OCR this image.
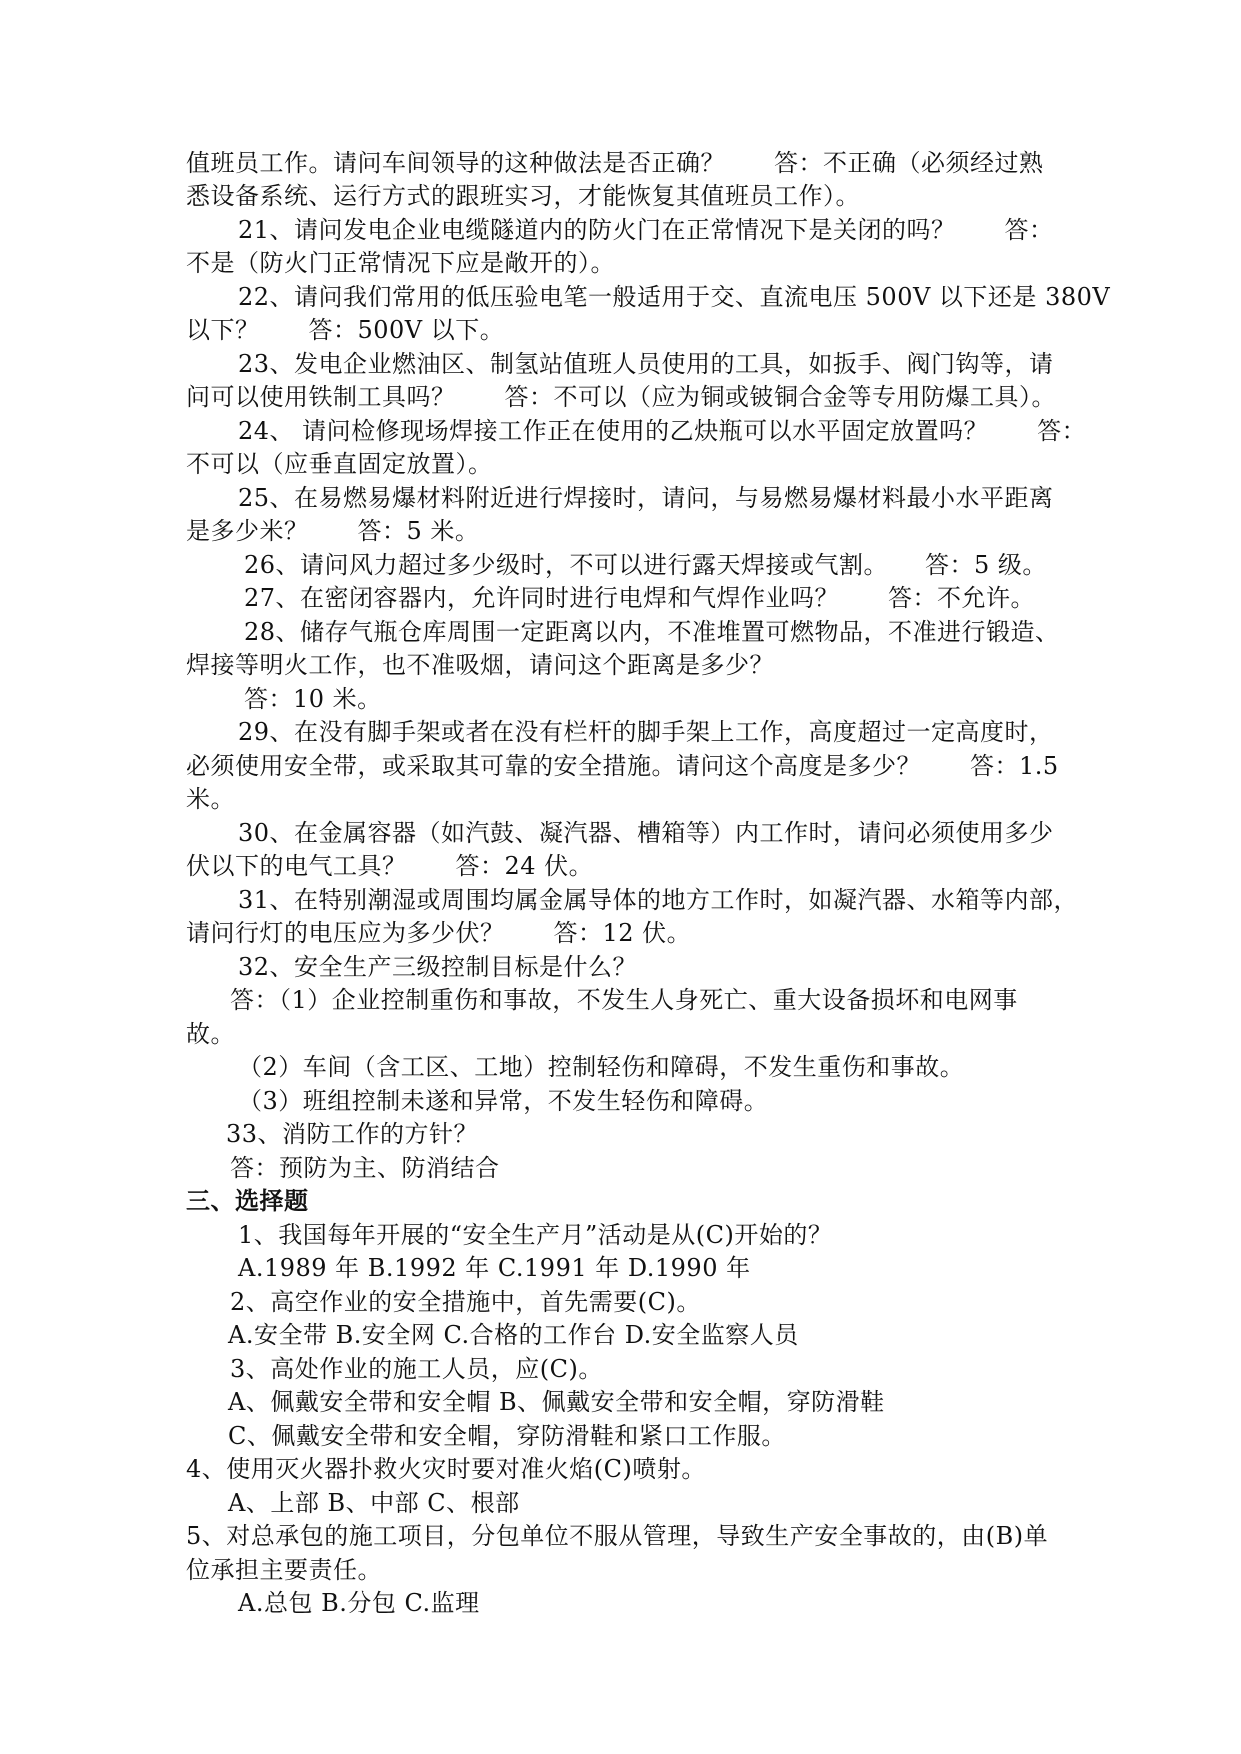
值班员工作。请问车间领导的这种做法是否正确？　　答：不正确（必须经过熟
悉设备系统、运行方式的跟班实习，才能恢复其值班员工作）。
21、请问发电企业电缆隧道内的防火门在正常情况下是关闭的吗？　　答：
不是（防火门正常情况下应是敞开的）。
22、请问我们常用的低压验电笔一般适用于交、直流电压 500V 以下还是 380V
以下？　　答：500V 以下。
23、发电企业燃油区、制氢站值班人员使用的工具，如扳手、阀门钩等，请
问可以使用铁制工具吗？　　答：不可以（应为铜或铍铜合金等专用防爆工具）。
24、 请问检修现场焊接工作正在使用的乙炔瓶可以水平固定放置吗？　　答：
不可以（应垂直固定放置）。
25、在易燃易爆材料附近进行焊接时，请问，与易燃易爆材料最小水平距离
是多少米？　　答：5 米。
26、请问风力超过多少级时，不可以进行露天焊接或气割。　　答：5 级。
27、在密闭容器内，允许同时进行电焊和气焊作业吗？　　答：不允许。
28、储存气瓶仓库周围一定距离以内，不准堆置可燃物品，不准进行锻造、
焊接等明火工作，也不准吸烟，请问这个距离是多少？
答：10 米。
29、在没有脚手架或者在没有栏杆的脚手架上工作，高度超过一定高度时，
必须使用安全带，或采取其可靠的安全措施。请问这个高度是多少？　　答：1.5
米。
30、在金属容器（如汽鼓、凝汽器、槽箱等）内工作时，请问必须使用多少
伏以下的电气工具？　　答：24 伏。
31、在特别潮湿或周围均属金属导体的地方工作时，如凝汽器、水箱等内部，
请问行灯的电压应为多少伏？　　答：12 伏。
32、安全生产三级控制目标是什么？
答：（1）企业控制重伤和事故，不发生人身死亡、重大设备损坏和电网事
故。
（2）车间（含工区、工地）控制轻伤和障碍，不发生重伤和事故。
（3）班组控制未遂和异常，不发生轻伤和障碍。
33、消防工作的方针？
答：预防为主、防消结合
三、选择题
1、我国每年开展的“安全生产月”活动是从(C)开始的？
A.1989 年 B.1992 年 C.1991 年 D.1990 年
2、高空作业的安全措施中，首先需要(C)。
A.安全带 B.安全网 C.合格的工作台 D.安全监察人员
3、高处作业的施工人员，应(C)。
A、佩戴安全带和安全帽 B、佩戴安全带和安全帽，穿防滑鞋
C、佩戴安全带和安全帽，穿防滑鞋和紧口工作服。
4、使用灭火器扑救火灾时要对准火焰(C)喷射。
A、上部 B、中部 C、根部
5、对总承包的施工项目，分包单位不服从管理，导致生产安全事故的，由(B)单
位承担主要责任。
A.总包 B.分包 C.监理
